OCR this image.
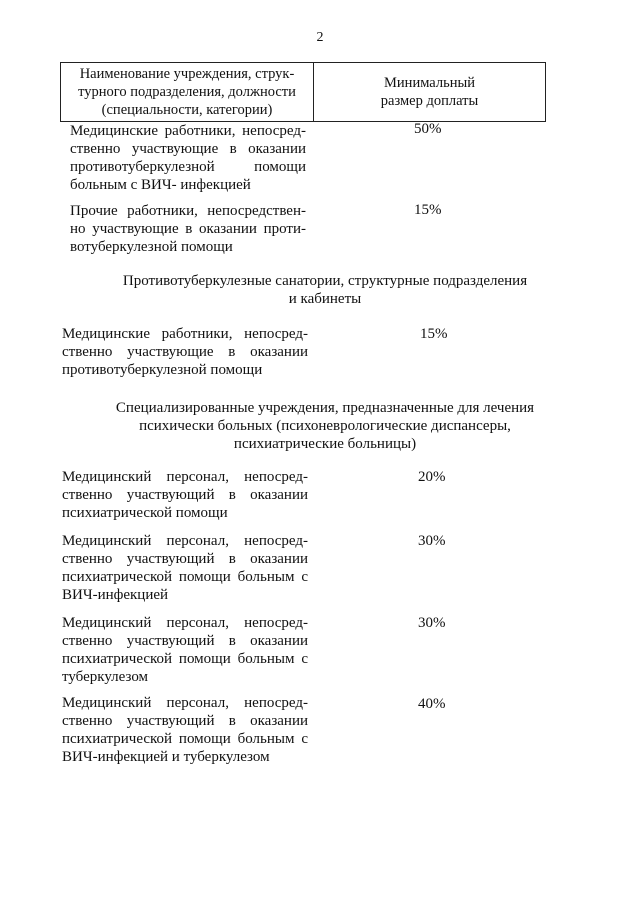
2
Наименование учреждения, струк-
турного подразделения, должности
(специальности, категории)
Минимальный
размер доплаты
Медицинские работники, непосред-
ственно участвующие в оказании
противотуберкулезной помощи
больным с ВИЧ- инфекцией
50%
Прочие работники, непосредствен-
но участвующие в оказании проти-
вотуберкулезной помощи
15%
Противотуберкулезные санатории, структурные подразделения
и кабинеты
Медицинские работники, непосред-
ственно участвующие в оказании
противотуберкулезной помощи
15%
Специализированные учреждения, предназначенные для лечения
психически больных (психоневрологические диспансеры,
психиатрические больницы)
Медицинский персонал, непосред-
ственно участвующий в оказании
психиатрической помощи
20%
Медицинский персонал, непосред-
ственно участвующий в оказании
психиатрической помощи больным с
ВИЧ-инфекцией
30%
Медицинский персонал, непосред-
ственно участвующий в оказании
психиатрической помощи больным с
туберкулезом
30%
Медицинский персонал, непосред-
ственно участвующий в оказании
психиатрической помощи больным с
ВИЧ-инфекцией и туберкулезом
40%
